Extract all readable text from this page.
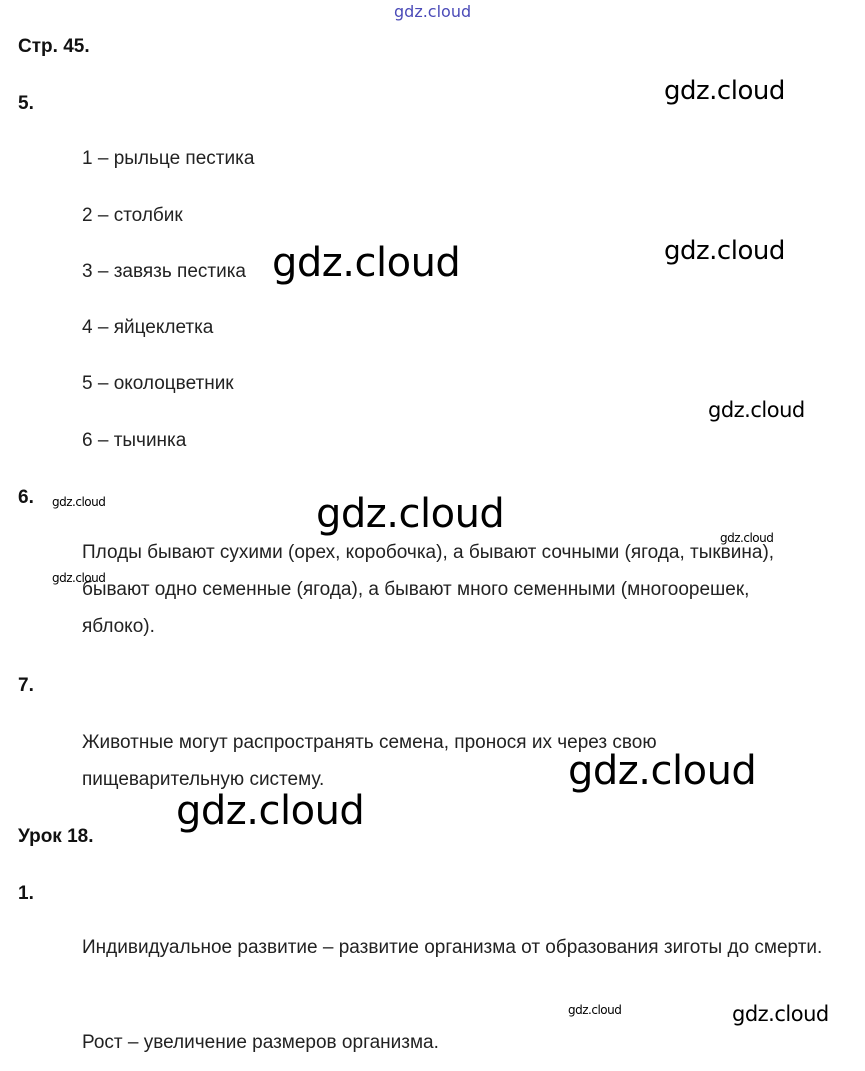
gdz.cloud
Стр. 45.
5.
1 – рыльце пестика
2 – столбик
3 – завязь пестика
4 – яйцеклетка
5 – околоцветник
6 – тычинка
6.
Плоды бывают сухими (орех, коробочка), а бывают сочными (ягода, тыквина), бывают одно семенные (ягода), а бывают много семенными (многоорешек, яблоко).
7.
Животные могут распространять семена, пронося их через свою пищеварительную систему.
Урок 18.
1.
Индивидуальное развитие – развитие организма от образования зиготы до смерти.
Рост – увеличение размеров организма.
gdz.cloud
gdz.cloud
gdz.cloud
gdz.cloud
gdz.cloud	gdz.cloud
gdz.cloud
gdz.cloud
gdz.cloud
gdz.cloud
gdz.cloud	gdz.cloud
